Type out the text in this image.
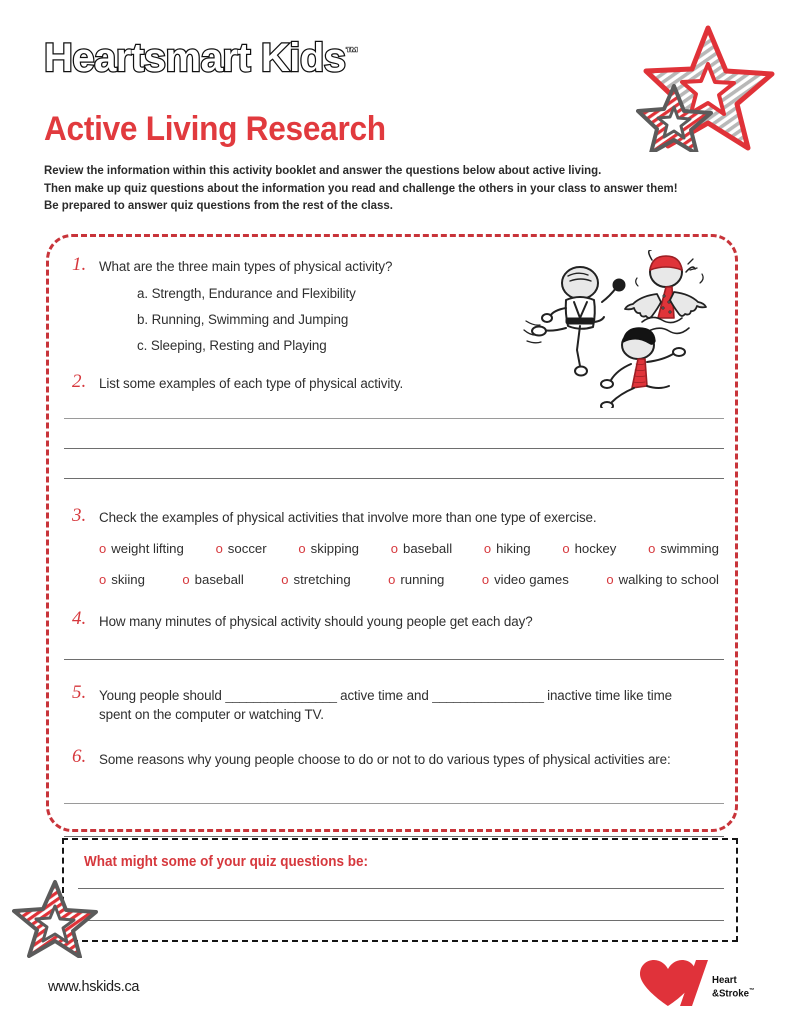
Heartsmart Kids™
Active Living Research
Review the information within this activity booklet and answer the questions below about active living.
Then make up quiz questions about the information you read and challenge the others in your class to answer them!
Be prepared to answer quiz questions from the rest of the class.
1. What are the three main types of physical activity?
a. Strength, Endurance and Flexibility
b. Running, Swimming and Jumping
c. Sleeping, Resting and Playing
2. List some examples of each type of physical activity.
3. Check the examples of physical activities that involve more than one type of exercise.
o weight lifting o soccer o skipping o baseball o hiking o hockey o swimming
o skiing	o baseball	o stretching	o running	o video games	o walking to school
4. How many minutes of physical activity should young people get each day?
5. Young people should ________________ active time and ________________ inactive time like time
spent on the computer or watching TV.
6. Some reasons why young people choose to do or not to do various types of physical activities are:
What might some of your quiz questions be:
www.hskids.ca	Heart
&Stroke™
